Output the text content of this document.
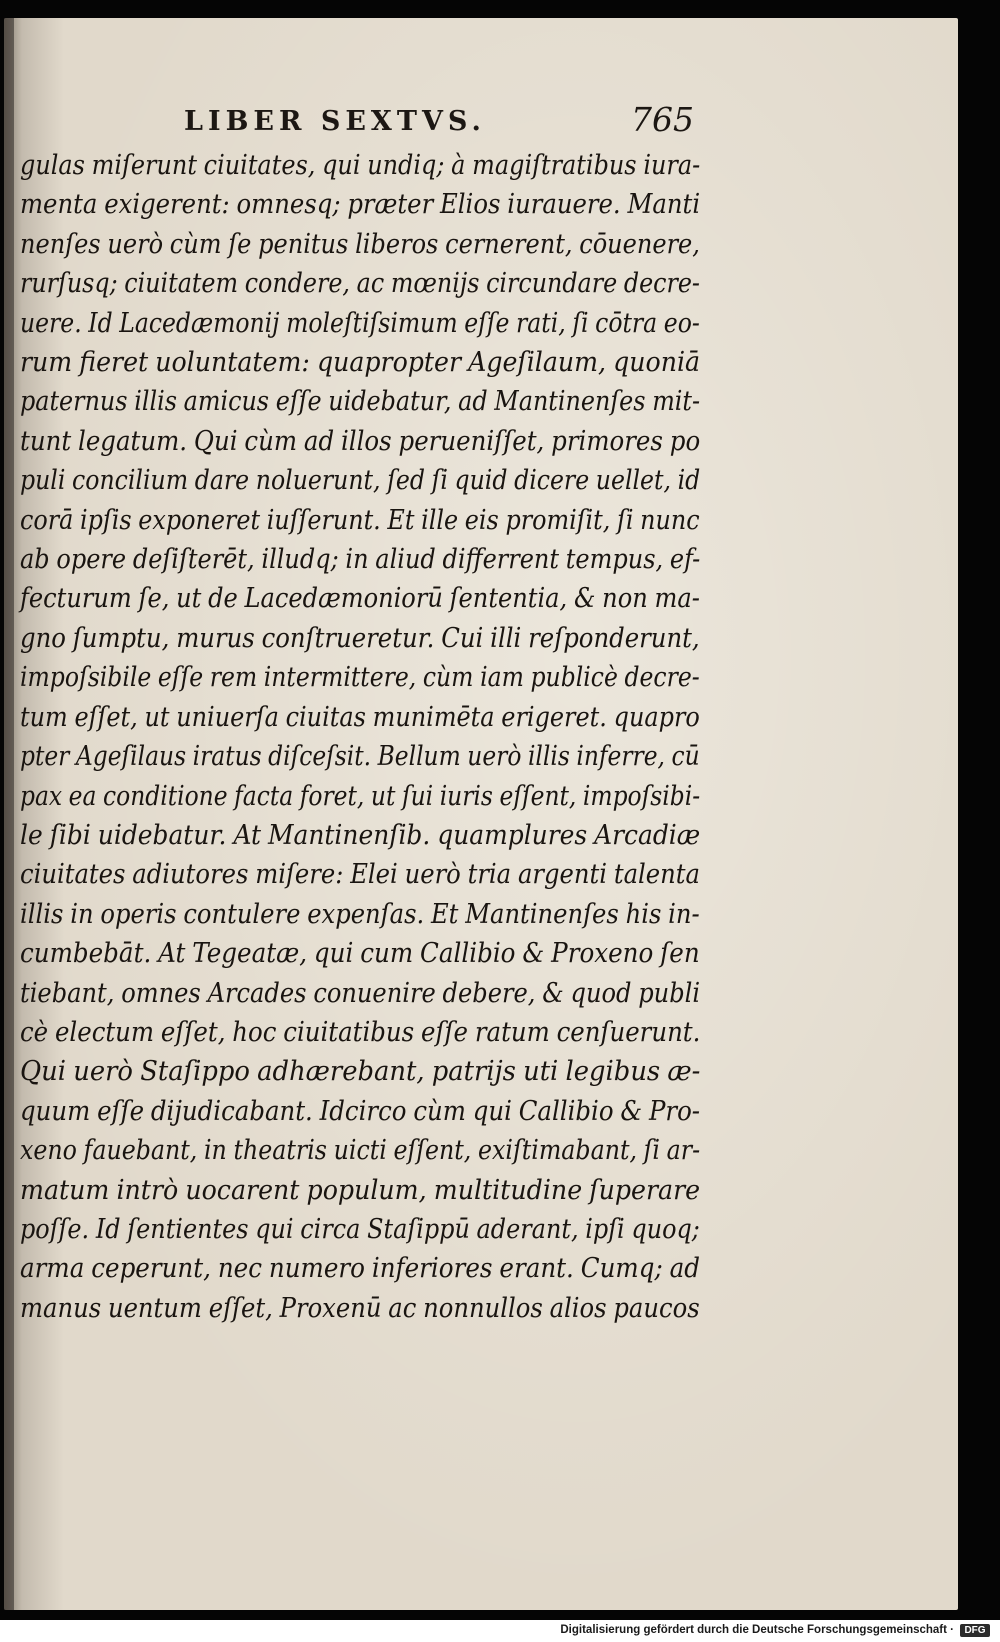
LIBER SEXTVS.	765
gulas miſerunt ciuitates, qui undiq; à magiſtratibus iura-
menta exigerent: omnesq; præter Elios iurauere. Manti
nenſes uerò cùm ſe penitus liberos cernerent, cōuenere,
rurſusq; ciuitatem condere, ac mœnijs circundare decre-
uere. Id Lacedæmonij moleſtiſsimum eſſe rati, ſi cōtra eo-
rum fieret uoluntatem: quapropter Ageſilaum, quoniā
paternus illis amicus eſſe uidebatur, ad Mantinenſes mit-
tunt legatum. Qui cùm ad illos perueniſſet, primores po
puli concilium dare noluerunt, ſed ſi quid dicere uellet, id
corā ipſis exponeret iuſſerunt. Et ille eis promiſit, ſi nunc
ab opere deſiſterēt, illudq; in aliud differrent tempus, ef-
fecturum ſe, ut de Lacedæmoniorū ſententia, & non ma-
gno ſumptu, murus conſtrueretur. Cui illi reſponderunt,
impoſsibile eſſe rem intermittere, cùm iam publicè decre-
tum eſſet, ut uniuerſa ciuitas munimēta erigeret. quapro
pter Ageſilaus iratus diſceſsit. Bellum uerò illis inferre, cū
pax ea conditione facta foret, ut ſui iuris eſſent, impoſsibi-
le ſibi uidebatur. At Mantinenſib. quamplures Arcadiæ
ciuitates adiutores miſere: Elei uerò tria argenti talenta
illis in operis contulere expenſas. Et Mantinenſes his in-
cumbebāt. At Tegeatæ, qui cum Callibio & Proxeno ſen
tiebant, omnes Arcades conuenire debere, & quod publi
cè electum eſſet, hoc ciuitatibus eſſe ratum cenſuerunt.
Qui uerò Staſippo adhærebant, patrijs uti legibus æ-
quum eſſe dijudicabant. Idcirco cùm qui Callibio & Pro-
xeno fauebant, in theatris uicti eſſent, exiſtimabant, ſi ar-
matum intrò uocarent populum, multitudine ſuperare
poſſe. Id ſentientes qui circa Staſippū aderant, ipſi quoq;
arma ceperunt, nec numero inferiores erant. Cumq; ad
manus uentum eſſet, Proxenū ac nonnullos alios paucos
Digitalisierung gefördert durch die Deutsche Forschungsgemeinschaft ·	DFG
